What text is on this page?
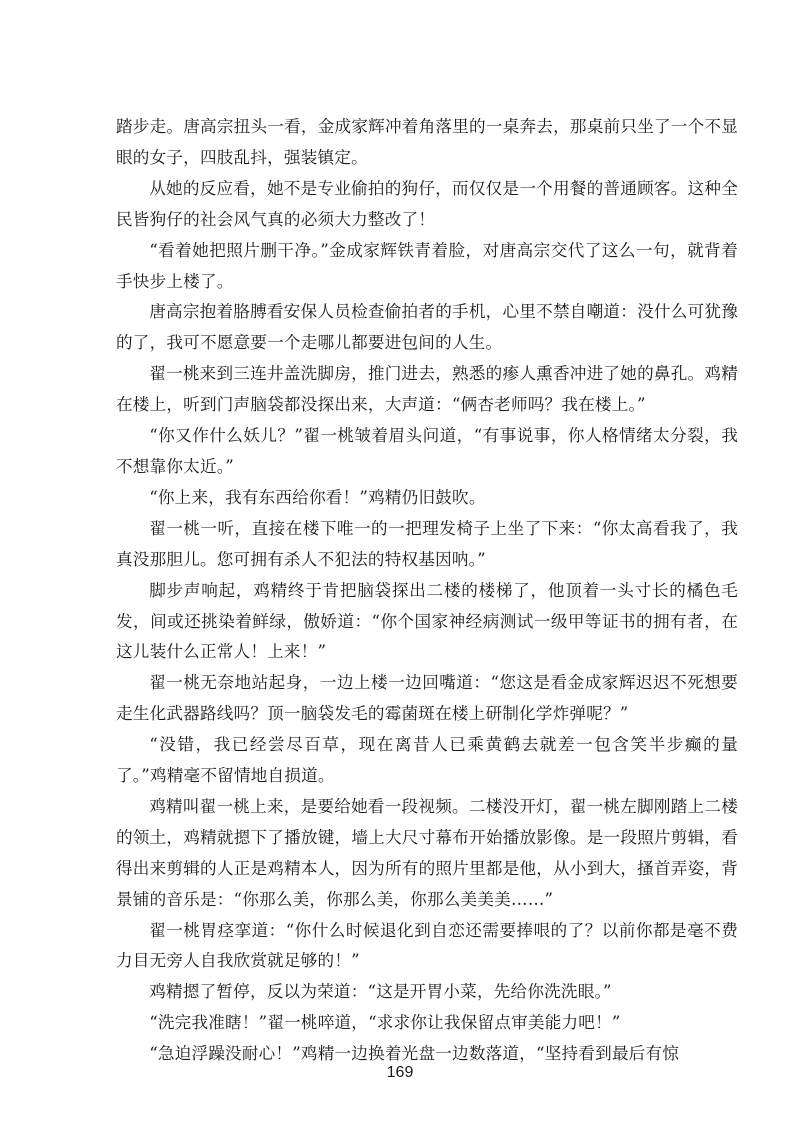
踏步走。唐高宗扭头一看，金成家辉冲着角落里的一桌奔去，那桌前只坐了一个不显眼的女子，四肢乱抖，强装镇定。

从她的反应看，她不是专业偷拍的狗仔，而仅仅是一个用餐的普通顾客。这种全民皆狗仔的社会风气真的必须大力整改了！

“看着她把照片删干净。”金成家辉铁青着脸，对唐高宗交代了这么一句，就背着手快步上楼了。

唐高宗抱着胳膊看安保人员检查偷拍者的手机，心里不禁自嘲道：没什么可犹豫的了，我可不愿意要一个走哪儿都要进包间的人生。

翟一桃来到三连井盖洗脚房，推门进去，熟悉的瘆人熏香冲进了她的鼻孔。鸡精在楼上，听到门声脑袋都没探出来，大声道：“俩杏老师吗？我在楼上。”

“你又作什么妖儿？”翟一桃皱着眉头问道，“有事说事，你人格情绪太分裂，我不想靠你太近。”

“你上来，我有东西给你看！”鸡精仍旧鼓吹。

翟一桃一听，直接在楼下唯一的一把理发椅子上坐了下来：“你太高看我了，我真没那胆儿。您可拥有杀人不犯法的特权基因呐。”

脚步声响起，鸡精终于肯把脑袋探出二楼的楼梯了，他顶着一头寸长的橘色毛发，间或还挑染着鲜绿，傲娇道：“你个国家神经病测试一级甲等证书的拥有者，在这儿装什么正常人！上来！”

翟一桃无奈地站起身，一边上楼一边回嘴道：“您这是看金成家辉迟迟不死想要走生化武器路线吗？顶一脑袋发毛的霉菌斑在楼上研制化学炸弹呢？”

“没错，我已经尝尽百草，现在离昔人已乘黄鹤去就差一包含笑半步癫的量了。”鸡精毫不留情地自损道。

鸡精叫翟一桃上来，是要给她看一段视频。二楼没开灯，翟一桃左脚刚踏上二楼的领土，鸡精就摁下了播放键，墙上大尺寸幕布开始播放影像。是一段照片剪辑，看得出来剪辑的人正是鸡精本人，因为所有的照片里都是他，从小到大，搔首弄姿，背景铺的音乐是：“你那么美，你那么美，你那么美美美……”

翟一桃胃痉挛道：“你什么时候退化到自恋还需要捧哏的了？以前你都是毫不费力目无旁人自我欣赏就足够的！”

鸡精摁了暂停，反以为荣道：“这是开胃小菜，先给你洗洗眼。”

“洗完我准瞎！”翟一桃啐道，“求求你让我保留点审美能力吧！”

“急迫浮躁没耐心！”鸡精一边换着光盘一边数落道，“坚持看到最后有惊

169
